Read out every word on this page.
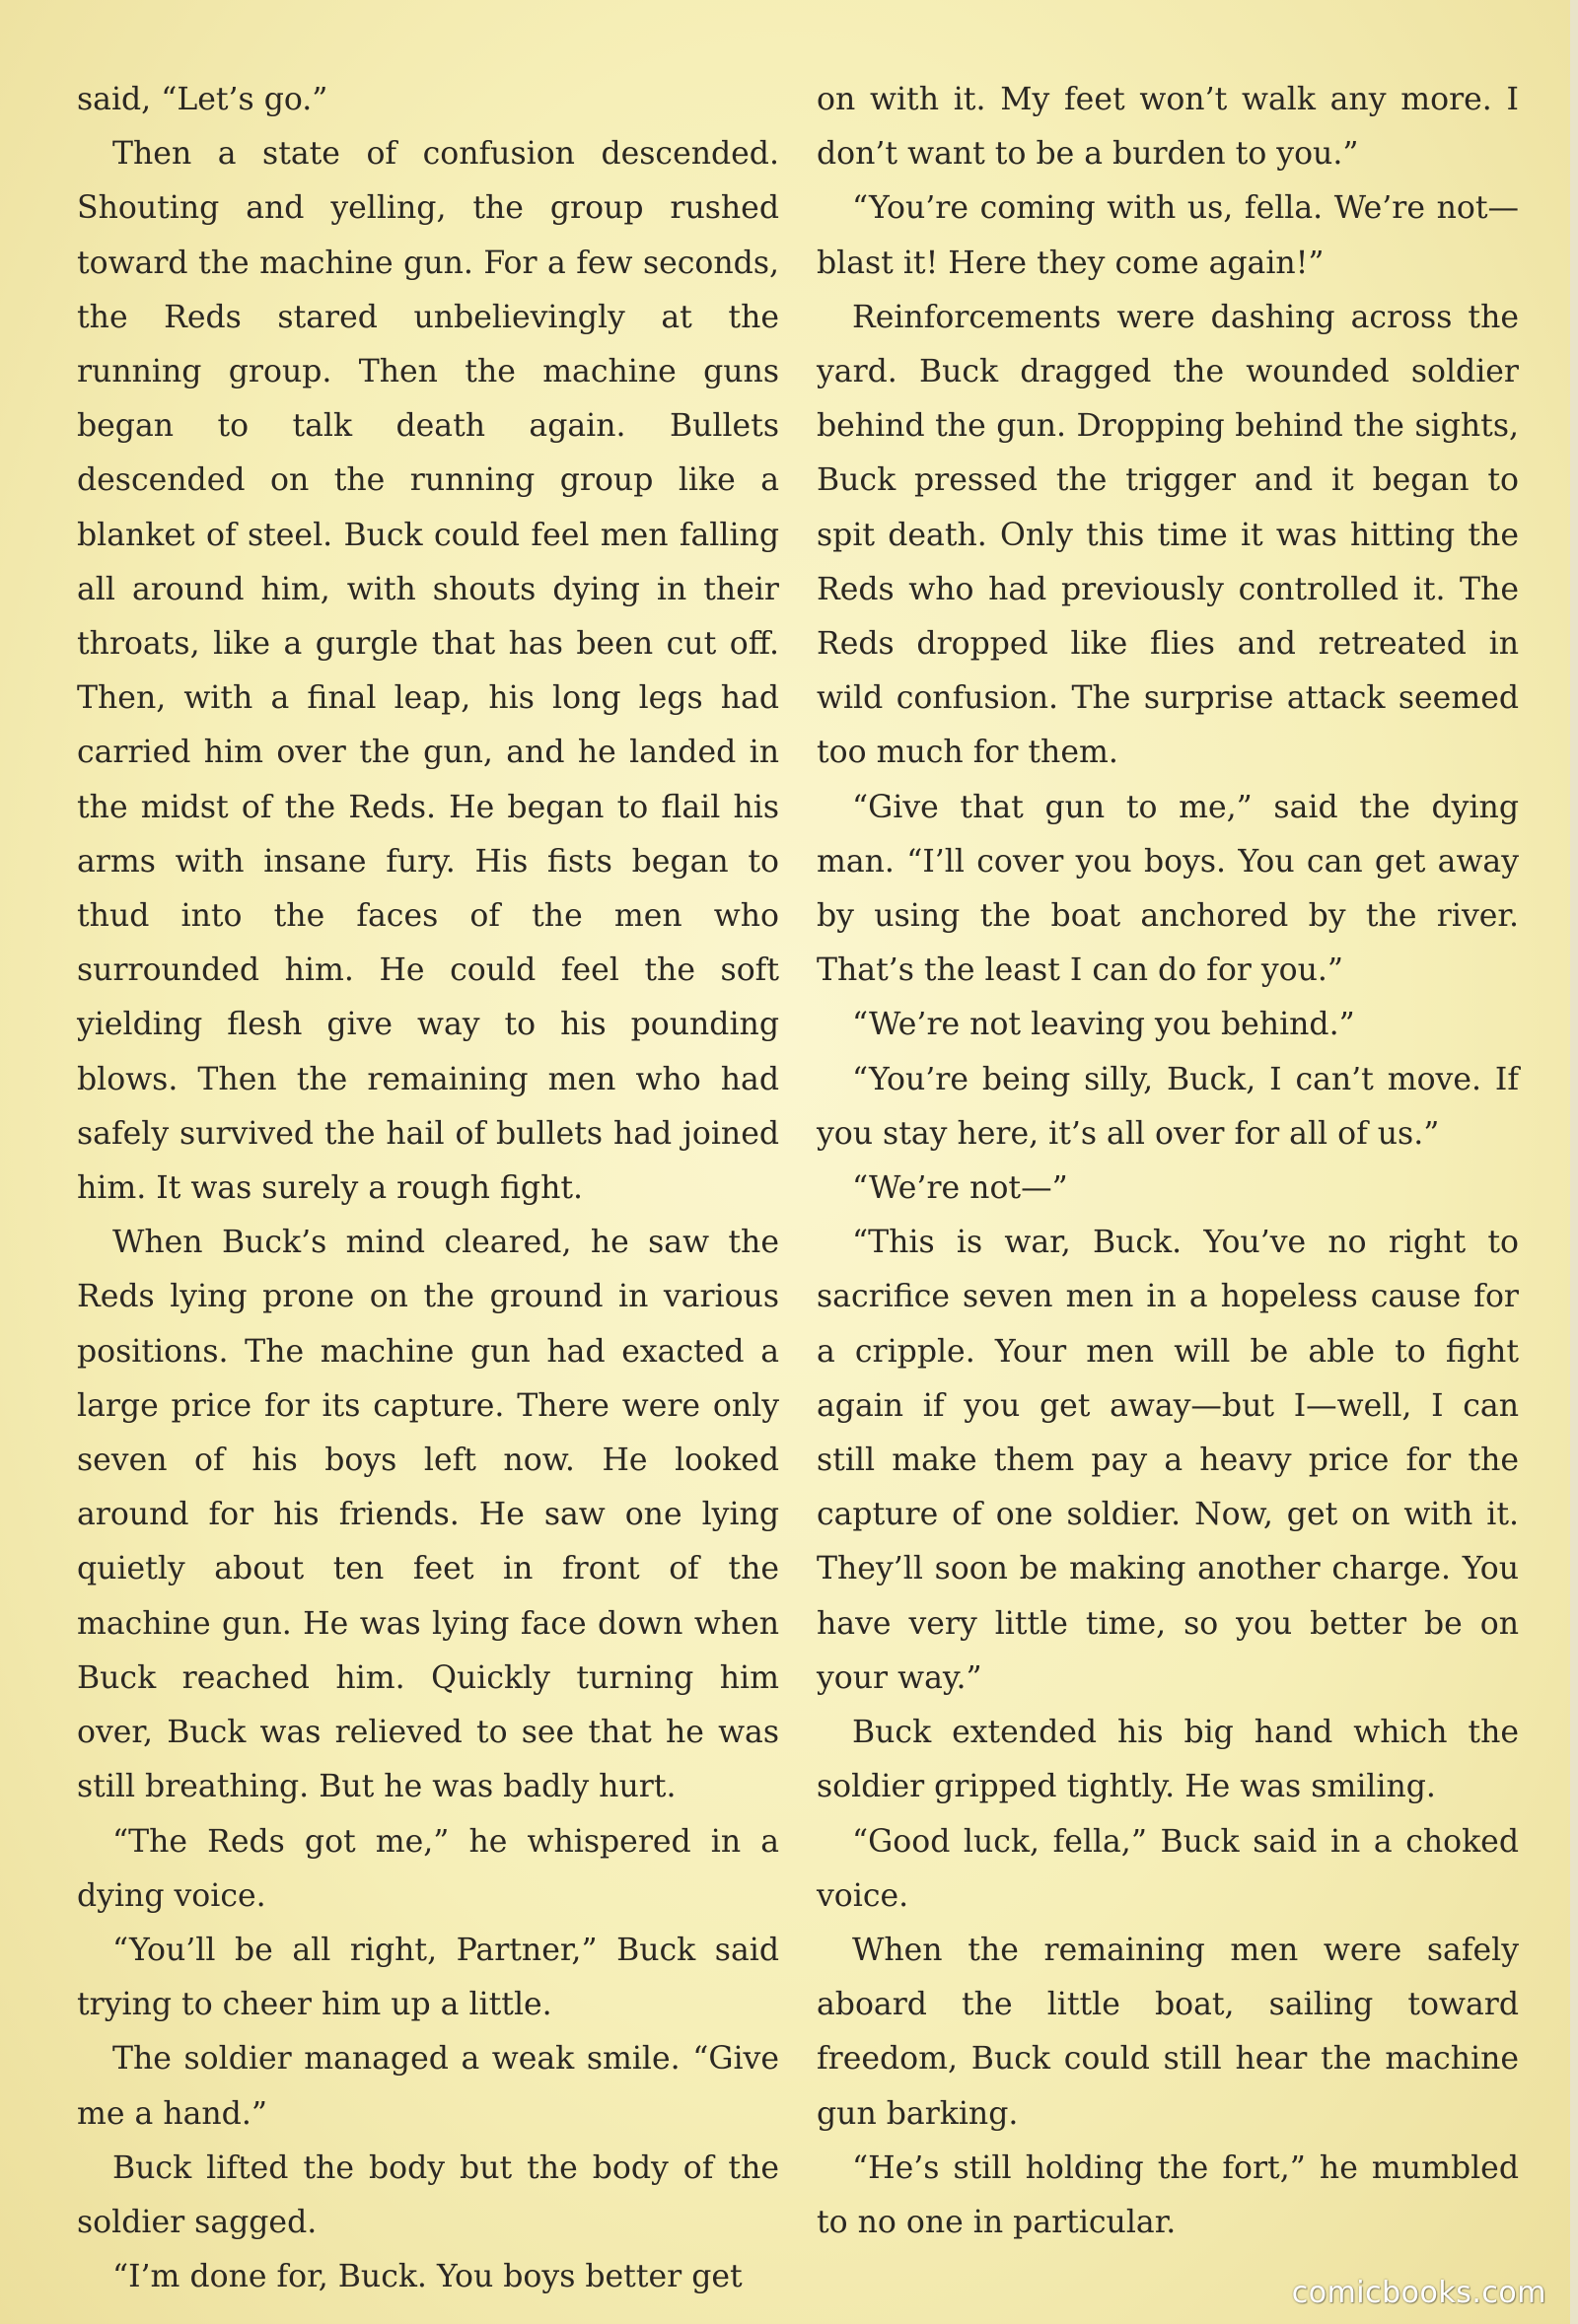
said, “Let’s go.”

Then a state of confusion descended. Shouting and yelling, the group rushed toward the machine gun. For a few seconds, the Reds stared unbelievingly at the running group. Then the machine guns began to talk death again. Bullets descended on the running group like a blanket of steel. Buck could feel men falling all around him, with shouts dying in their throats, like a gurgle that has been cut off. Then, with a final leap, his long legs had carried him over the gun, and he landed in the midst of the Reds. He began to flail his arms with insane fury. His fists began to thud into the faces of the men who surrounded him. He could feel the soft yielding flesh give way to his pounding blows. Then the remaining men who had safely survived the hail of bullets had joined him. It was surely a rough fight.

When Buck’s mind cleared, he saw the Reds lying prone on the ground in various positions. The machine gun had exacted a large price for its capture. There were only seven of his boys left now. He looked around for his friends. He saw one lying quietly about ten feet in front of the machine gun. He was lying face down when Buck reached him. Quickly turning him over, Buck was relieved to see that he was still breathing. But he was badly hurt.

“The Reds got me,” he whispered in a dying voice.

“You’ll be all right, Partner,” Buck said trying to cheer him up a little.

The soldier managed a weak smile. “Give me a hand.”

Buck lifted the body but the body of the soldier sagged.

“I’m done for, Buck. You boys better get

on with it. My feet won’t walk any more. I don’t want to be a burden to you.”

“You’re coming with us, fella. We’re not—blast it! Here they come again!”

Reinforcements were dashing across the yard. Buck dragged the wounded soldier behind the gun. Dropping behind the sights, Buck pressed the trigger and it began to spit death. Only this time it was hitting the Reds who had previously controlled it. The Reds dropped like flies and retreated in wild confusion. The surprise attack seemed too much for them.

“Give that gun to me,” said the dying man. “I’ll cover you boys. You can get away by using the boat anchored by the river. That’s the least I can do for you.”

“We’re not leaving you behind.”

“You’re being silly, Buck, I can’t move. If you stay here, it’s all over for all of us.”

“We’re not—”

“This is war, Buck. You’ve no right to sacrifice seven men in a hopeless cause for a cripple. Your men will be able to fight again if you get away—but I—well, I can still make them pay a heavy price for the capture of one soldier. Now, get on with it. They’ll soon be making another charge. You have very little time, so you better be on your way.”

Buck extended his big hand which the soldier gripped tightly. He was smiling.

“Good luck, fella,” Buck said in a choked voice.

When the remaining men were safely aboard the little boat, sailing toward freedom, Buck could still hear the machine gun barking.

“He’s still holding the fort,” he mumbled to no one in particular.

comicbooks.com
